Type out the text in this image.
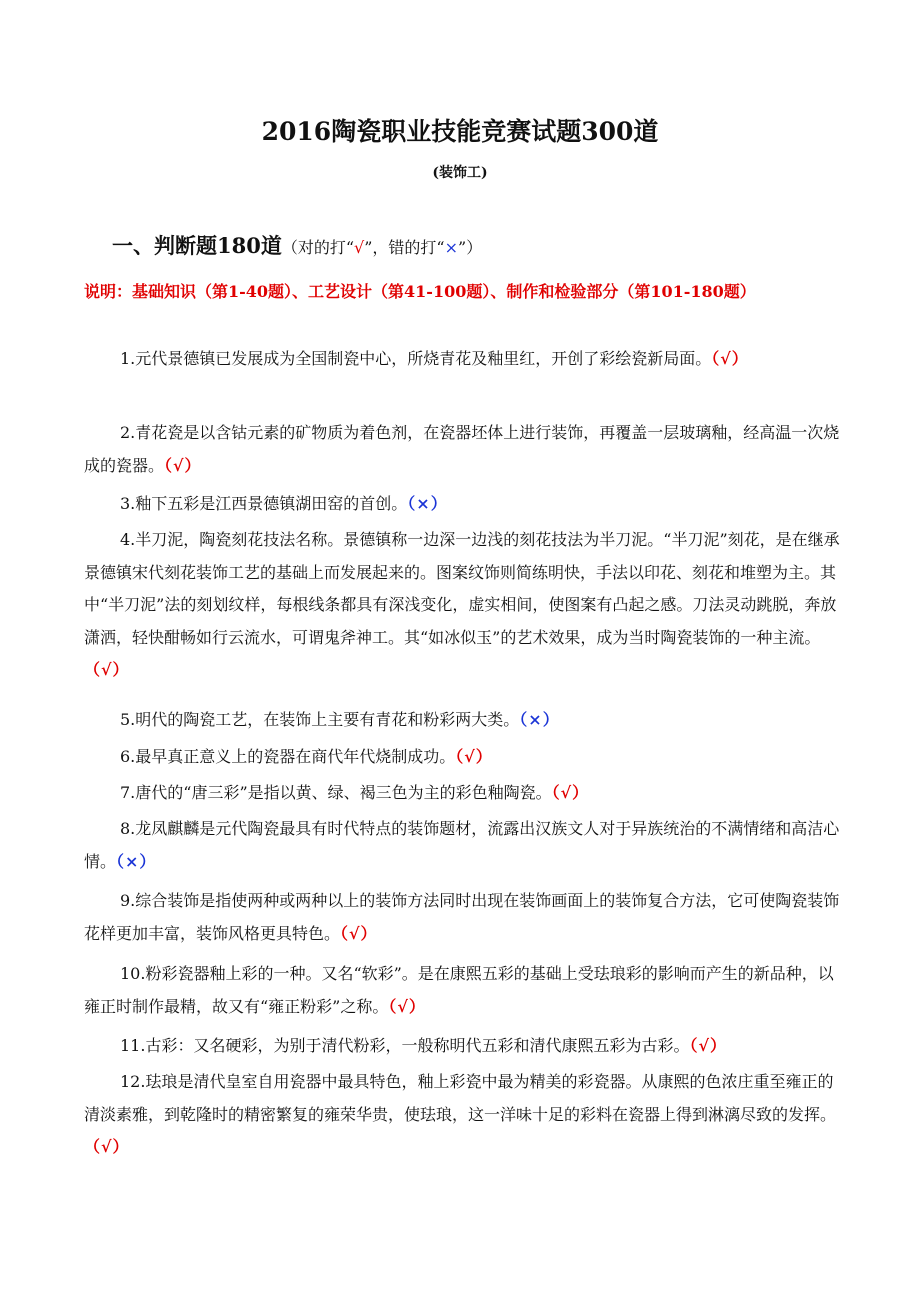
2016陶瓷职业技能竞赛试题300道
(装饰工)
一、判断题180道（对的打“√”，错的打“×”）
说明：基础知识（第1-40题）、工艺设计（第41-100题）、制作和检验部分（第101-180题）
1.元代景德镇已发展成为全国制瓷中心，所烧青花及釉里红，开创了彩绘瓷新局面。（√）
2.青花瓷是以含钴元素的矿物质为着色剂，在瓷器坯体上进行装饰，再覆盖一层玻璃釉，经高温一次烧成的瓷器。（√）
3.釉下五彩是江西景德镇湖田窑的首创。（×）
4.半刀泥，陶瓷刻花技法名称。景德镇称一边深一边浅的刻花技法为半刀泥。“半刀泥”刻花，是在继承景德镇宋代刻花装饰工艺的基础上而发展起来的。图案纹饰则简练明快，手法以印花、刻花和堆塑为主。其中“半刀泥”法的刻划纹样，每根线条都具有深浅变化，虚实相间，使图案有凸起之感。刀法灵动跳脱，奔放潇洒，轻快酣畅如行云流水，可谓鬼斧神工。其“如冰似玉”的艺术效果，成为当时陶瓷装饰的一种主流。（√）
5.明代的陶瓷工艺，在装饰上主要有青花和粉彩两大类。（×）
6.最早真正意义上的瓷器在商代年代烧制成功。（√）
7.唐代的“唐三彩”是指以黄、绿、褐三色为主的彩色釉陶瓷。（√）
8.龙凤麒麟是元代陶瓷最具有时代特点的装饰题材，流露出汉族文人对于异族统治的不满情绪和高洁心情。（×）
9.综合装饰是指使两种或两种以上的装饰方法同时出现在装饰画面上的装饰复合方法，它可使陶瓷装饰花样更加丰富，装饰风格更具特色。（√）
10.粉彩瓷器釉上彩的一种。又名“软彩”。是在康熙五彩的基础上受珐琅彩的影响而产生的新品种，以雍正时制作最精，故又有“雍正粉彩”之称。（√）
11.古彩：又名硬彩，为别于清代粉彩，一般称明代五彩和清代康熙五彩为古彩。（√）
12.珐琅是清代皇室自用瓷器中最具特色，釉上彩瓷中最为精美的彩瓷器。从康熙的色浓庄重至雍正的清淡素雅，到乾隆时的精密繁复的雍荣华贵，使珐琅，这一洋味十足的彩料在瓷器上得到淋漓尽致的发挥。（√）
